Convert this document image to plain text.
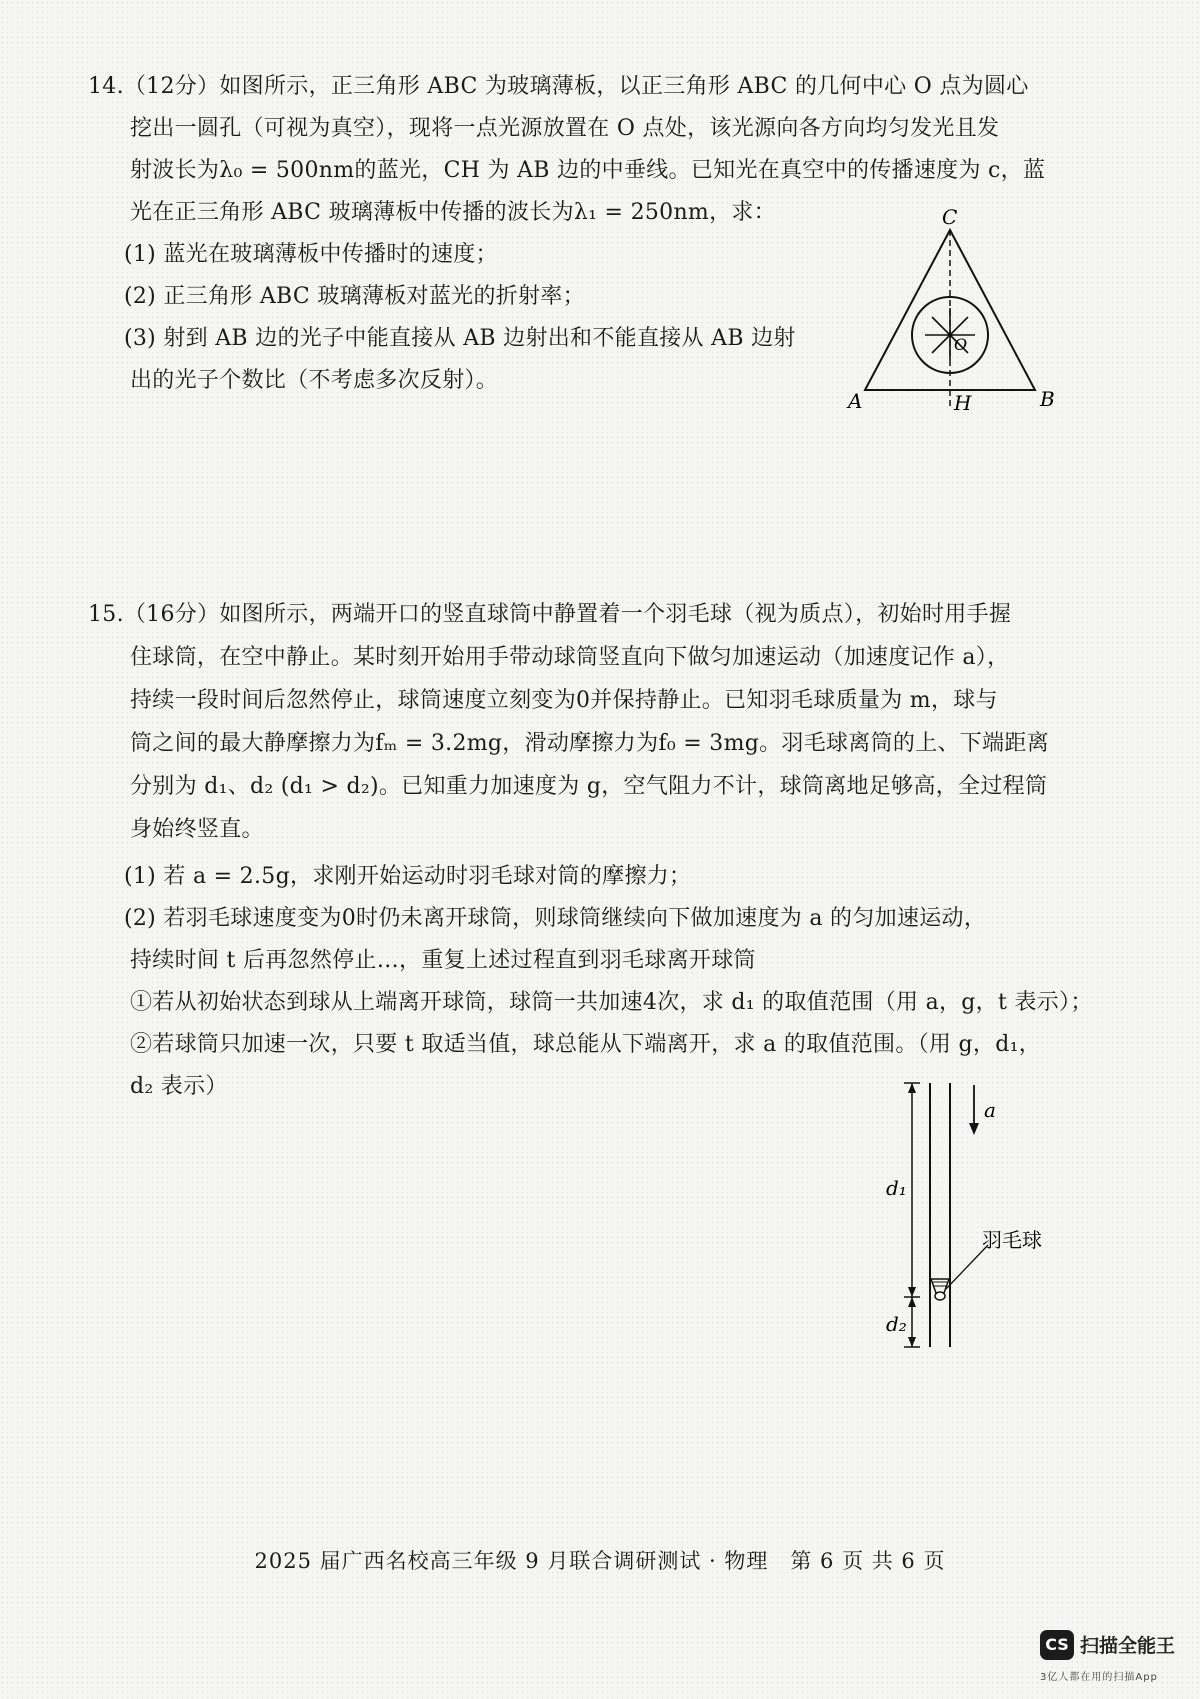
14.（12分）如图所示，正三角形 ABC 为玻璃薄板，以正三角形 ABC 的几何中心 O 点为圆心
挖出一圆孔（可视为真空），现将一点光源放置在 O 点处，该光源向各方向均匀发光且发
射波长为λ₀ = 500nm的蓝光，CH 为 AB 边的中垂线。已知光在真空中的传播速度为 c，蓝
光在正三角形 ABC 玻璃薄板中传播的波长为λ₁ = 250nm，求：
(1) 蓝光在玻璃薄板中传播时的速度；
(2) 正三角形 ABC 玻璃薄板对蓝光的折射率；
(3) 射到 AB 边的光子中能直接从 AB 边射出和不能直接从 AB 边射
出的光子个数比（不考虑多次反射）。
C
A	B
H
O
15.（16分）如图所示，两端开口的竖直球筒中静置着一个羽毛球（视为质点），初始时用手握
住球筒，在空中静止。某时刻开始用手带动球筒竖直向下做匀加速运动（加速度记作 a），
持续一段时间后忽然停止，球筒速度立刻变为0并保持静止。已知羽毛球质量为 m，球与
筒之间的最大静摩擦力为fₘ = 3.2mg，滑动摩擦力为f₀ = 3mg。羽毛球离筒的上、下端距离
分别为 d₁、d₂ (d₁ > d₂)。已知重力加速度为 g，空气阻力不计，球筒离地足够高，全过程筒
身始终竖直。
(1) 若 a = 2.5g，求刚开始运动时羽毛球对筒的摩擦力；
(2) 若羽毛球速度变为0时仍未离开球筒，则球筒继续向下做加速度为 a 的匀加速运动，
持续时间 t 后再忽然停止…，重复上述过程直到羽毛球离开球筒
①若从初始状态到球从上端离开球筒，球筒一共加速4次，求 d₁ 的取值范围（用 a，g，t 表示）；
②若球筒只加速一次，只要 t 取适当值，球总能从下端离开，求 a 的取值范围。（用 g，d₁，
d₂ 表示）
a
d₁
d₂
羽毛球
2025 届广西名校高三年级 9 月联合调研测试 · 物理　第 6 页 共 6 页
CS 扫描全能王
3亿人都在用的扫描App
